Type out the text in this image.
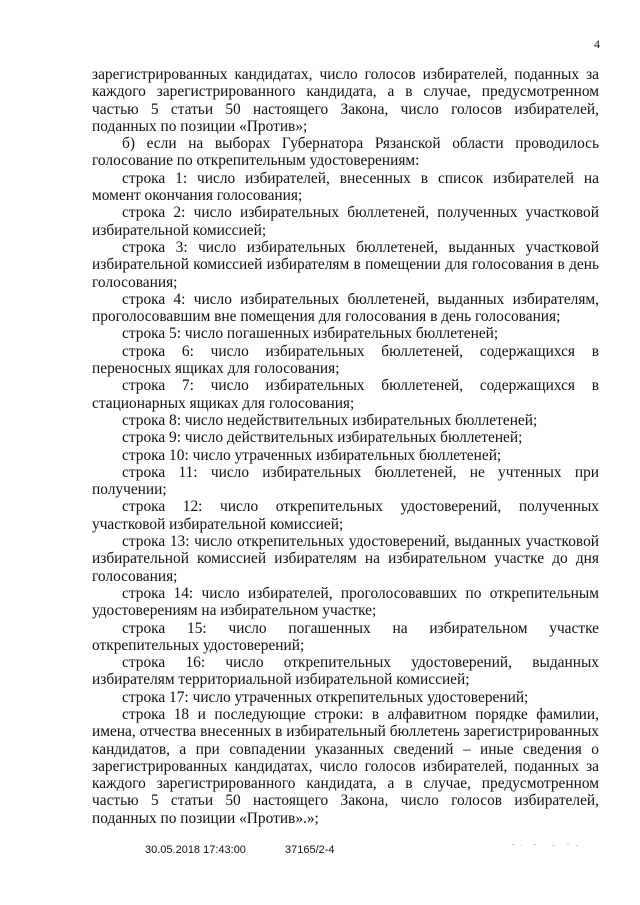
4

зарегистрированных кандидатах, число голосов избирателей, поданных за каждого зарегистрированного кандидата, а в случае, предусмотренном частью 5 статьи 50 настоящего Закона, число голосов избирателей, поданных по позиции «Против»;

б) если на выборах Губернатора Рязанской области проводилось голосование по открепительным удостоверениям:

строка 1: число избирателей, внесенных в список избирателей на момент окончания голосования;

строка 2: число избирательных бюллетеней, полученных участковой избирательной комиссией;

строка 3: число избирательных бюллетеней, выданных участковой избирательной комиссией избирателям в помещении для голосования в день голосования;

строка 4: число избирательных бюллетеней, выданных избирателям, проголосовавшим вне помещения для голосования в день голосования;

строка 5: число погашенных избирательных бюллетеней;

строка 6: число избирательных бюллетеней, содержащихся в переносных ящиках для голосования;

строка 7: число избирательных бюллетеней, содержащихся в стационарных ящиках для голосования;

строка 8: число недействительных избирательных бюллетеней;

строка 9: число действительных избирательных бюллетеней;

строка 10: число утраченных избирательных бюллетеней;

строка 11: число избирательных бюллетеней, не учтенных при получении;

строка 12: число открепительных удостоверений, полученных участковой избирательной комиссией;

строка 13: число открепительных удостоверений, выданных участковой избирательной комиссией избирателям на избирательном участке до дня голосования;

строка 14: число избирателей, проголосовавших по открепительным удостоверениям на избирательном участке;

строка 15: число погашенных на избирательном участке открепительных удостоверений;

строка 16: число открепительных удостоверений, выданных избирателям территориальной избирательной комиссией;

строка 17: число утраченных открепительных удостоверений;

строка 18 и последующие строки: в алфавитном порядке фамилии, имена, отчества внесенных в избирательный бюллетень зарегистрированных кандидатов, а при совпадении указанных сведений – иные сведения о зарегистрированных кандидатах, число голосов избирателей, поданных за каждого зарегистрированного кандидата, а в случае, предусмотренном частью 5 статьи 50 настоящего Закона, число голосов избирателей, поданных по позиции «Против».»;

30.05.2018 17:43:00	37165/2-4
